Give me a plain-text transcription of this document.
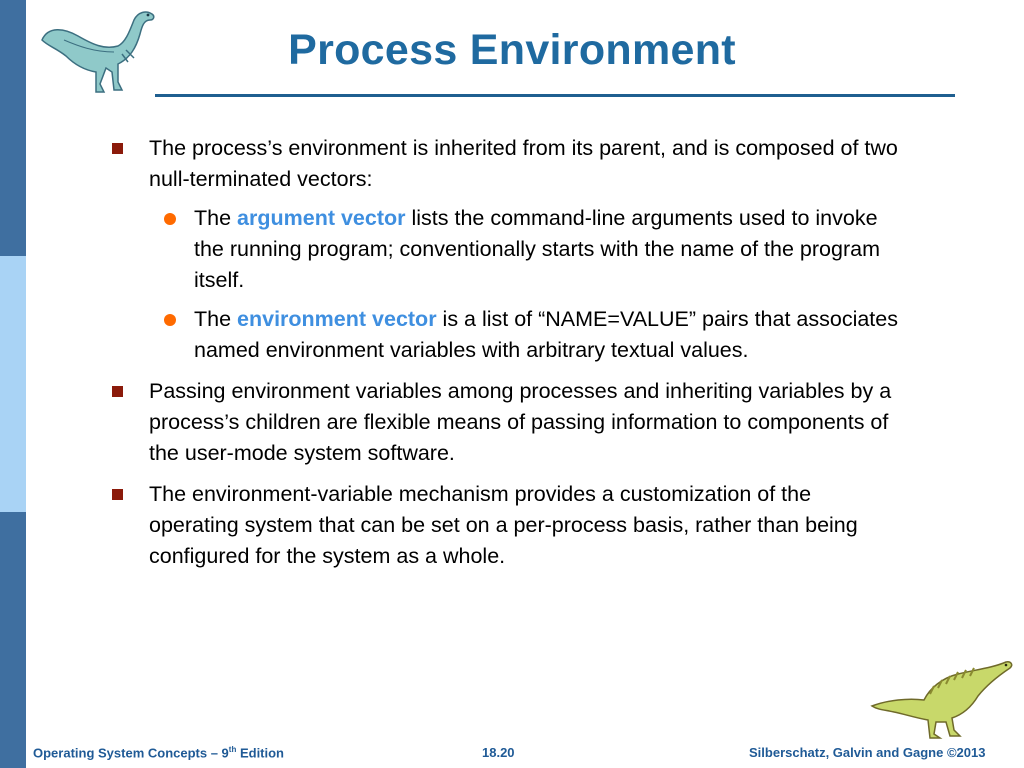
Process Environment
The process’s environment is inherited from its parent, and is composed of two null-terminated vectors:
The argument vector lists the command-line arguments used to invoke the running program; conventionally starts with the name of the program itself.
The environment vector is a list of “NAME=VALUE” pairs that associates named environment variables with arbitrary textual values.
Passing environment variables among processes and inheriting variables by a process’s children are flexible means of passing information to components of the user-mode system software.
The environment-variable mechanism provides a customization of the operating system that can be set on a per-process basis, rather than being configured for the system as a whole.
Operating System Concepts – 9th Edition	18.20	Silberschatz, Galvin and Gagne ©2013
